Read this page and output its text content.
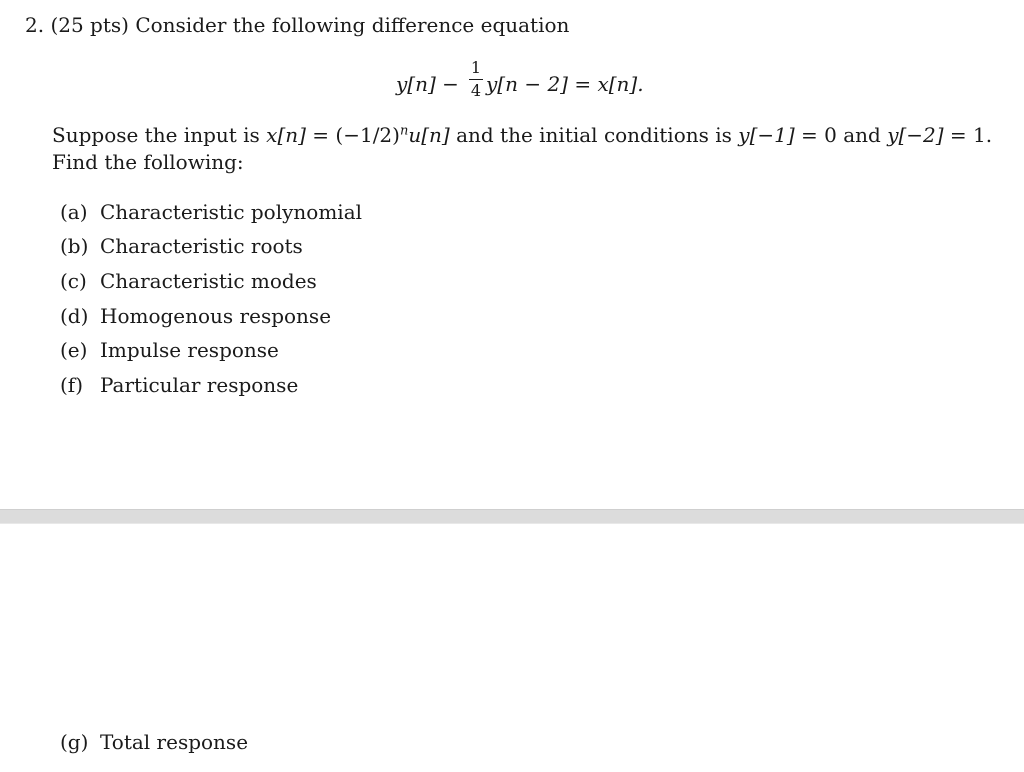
2. (25 pts) Consider the following difference equation
y[n] −
1
4 y[n − 2] = x[n].
Suppose the input is $x[n] = (-1/2)^nu[n]$ and the initial conditions is y[−1] = 0 and y[−2] = 1.
Find the following:
(a) Characteristic polynomial
(b) Characteristic roots
(c) Characteristic modes
(d) Homogenous response
(e) Impulse response
(f) Particular response
(g) Total response
